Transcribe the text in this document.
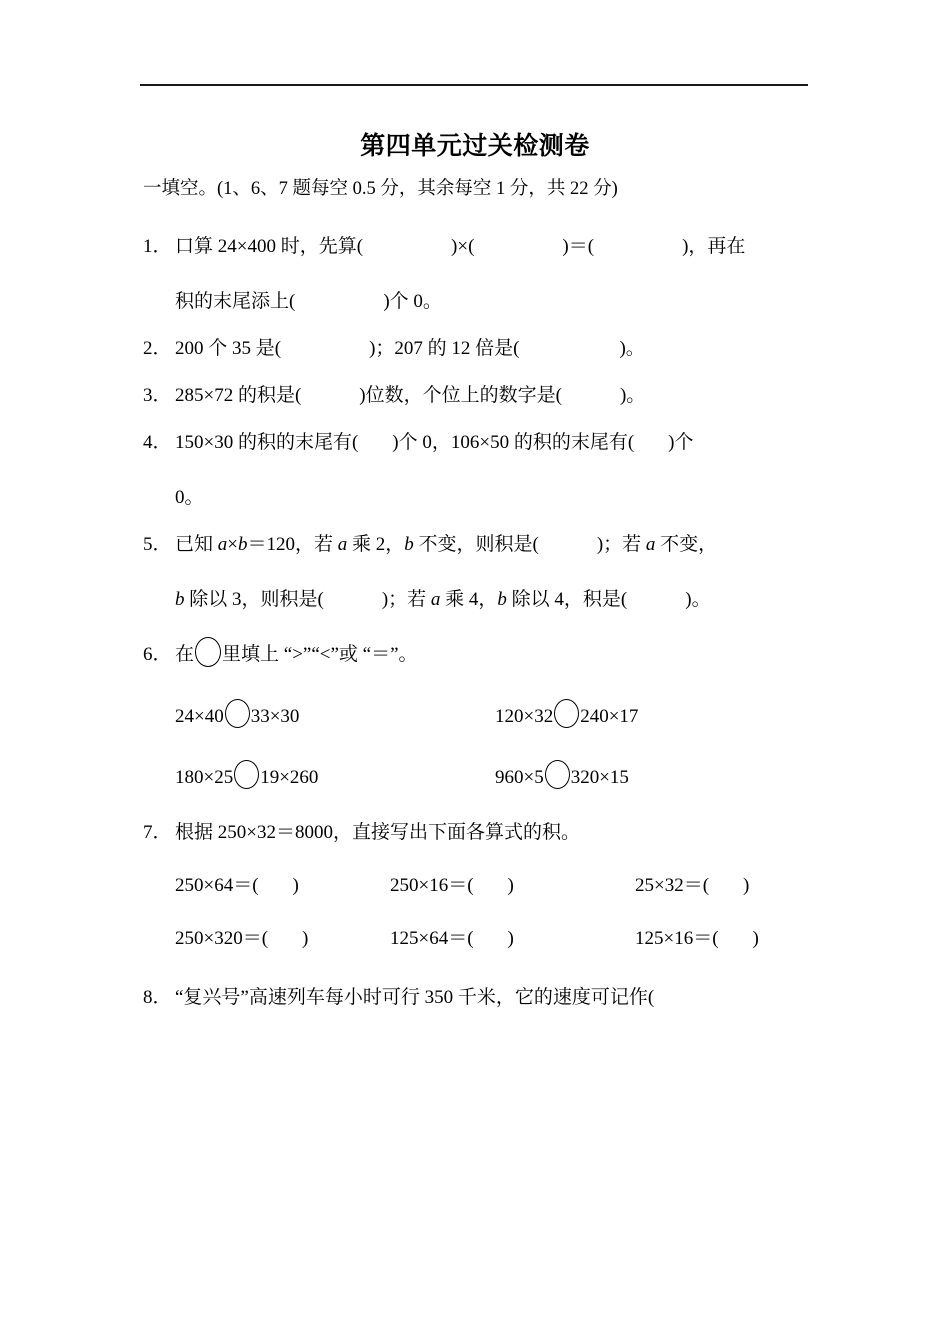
第四单元过关检测卷
一填空。(1、6、7 题每空 0.5 分，其余每空 1 分，共 22 分)
1． 口算 24×400 时，先算(	)×(	)＝(	)，再在
积的末尾添上(	)个 0。
2． 200 个 35 是(	)；207 的 12 倍是(	)。
3． 285×72 的积是(	)位数，个位上的数字是(	)。
4． 150×30 的积的末尾有( )个 0，106×50 的积的末尾有( )个
0。
5． 已知 a×b＝120，若 a 乘 2，b 不变，则积是(	)；若 a 不变，
b 除以 3，则积是(	)；若 a 乘 4，b 除以 4，积是(	)。
6． 在 里填上 “>”“<”或 “＝”。
24×40 33×30	120×32 240×17
180×25 19×260	960×5 320×15
7． 根据 250×32＝8000，直接写出下面各算式的积。
250×64＝( )	250×16＝( )	25×32＝( )
250×320＝( )	125×64＝( )	125×16＝( )
8． “复兴号”高速列车每小时可行 350 千米，它的速度可记作(
